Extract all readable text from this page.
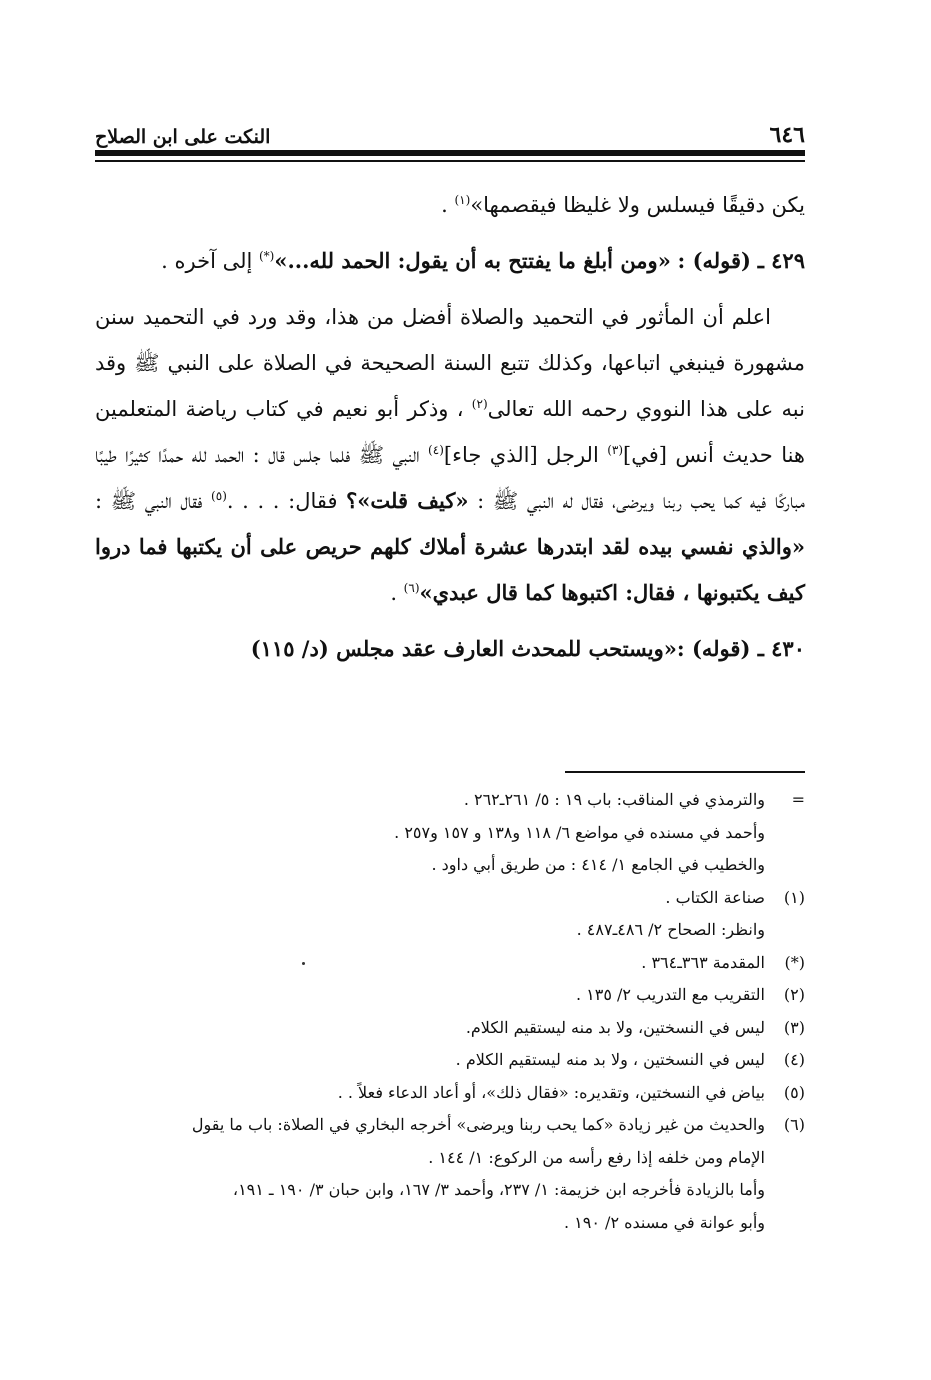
٦٤٦
النكت على ابن الصلاح

يكن دقيقًا فيسلس ولا غليظا فيقصمها»$^{(١)}$ .

٤٢٩ ـ (قوله) : «ومن أبلغ ما يفتتح به أن يقول: الحمد لله...»(*) إلى آخره .

اعلم أن المأثور في التحميد والصلاة أفضل من هذا، وقد ورد في التحميد سنن مشهورة فينبغي اتباعها، وكذلك تتبع السنة الصحيحة في الصلاة على النبي ﷺ وقد نبه على هذا النووي رحمه الله تعالى$^{(٢)}$ ، وذكر أبو نعيم في كتاب رياضة المتعلمين هنا حديث أنس [في]$^{(٣)}$ الرجل [الذي جاء]$^{(٤)}$ النبي ﷺ فلما جلس قال : الحمد لله حمدًا كثيرًا طيبًا مباركًا فيه كما يحب ربنا ويرضى، فقال له النبي ﷺ : «كيف قلت»؟ فقال: . . . .$^{(٥)}$ فقال النبي ﷺ : «والذي نفسي بيده لقد ابتدرها عشرة أملاك كلهم حريص على أن يكتبها فما دروا كيف يكتبونها ، فقال: اكتبوها كما قال عبدي»$^{(٦)}$ .

٤٣٠ ـ (قوله) :«ويستحب للمحدث العارف عقد مجلس (د/ ١١٥)

=
والترمذي في المناقب: باب ١٩ : ٥/ ٢٦١ـ٢٦٢ .
وأحمد في مسنده في مواضع ٦/ ١١٨ و١٣٨ و ١٥٧ و٢٥٧ .
والخطيب في الجامع ١/ ٤١٤ : من طريق أبي داود .
(١)
صناعة الكتاب .
وانظر: الصحاح ٢/ ٤٨٦ـ٤٨٧ .
(*)
المقدمة ٣٦٣ـ٣٦٤ .
(٢)
التقريب مع التدريب ٢/ ١٣٥ .
(٣)
ليس في النسختين، ولا بد منه ليستقيم الكلام.
(٤)
ليس في النسختين ، ولا بد منه ليستقيم الكلام .
(٥)
بياض في النسختين، وتقديره: «فقال ذلك»، أو أعاد الدعاء فعلاً . .
(٦)
والحديث من غير زيادة «كما يحب ربنا ويرضى» أخرجه البخاري في الصلاة: باب ما يقول
الإمام ومن خلفه إذا رفع رأسه من الركوع: ١/ ١٤٤ .
وأما بالزيادة فأخرجه ابن خزيمة: ١/ ٢٣٧، وأحمد ٣/ ١٦٧، وابن حبان ٣/ ١٩٠ ـ ١٩١،
وأبو عوانة في مسنده ٢/ ١٩٠ .
